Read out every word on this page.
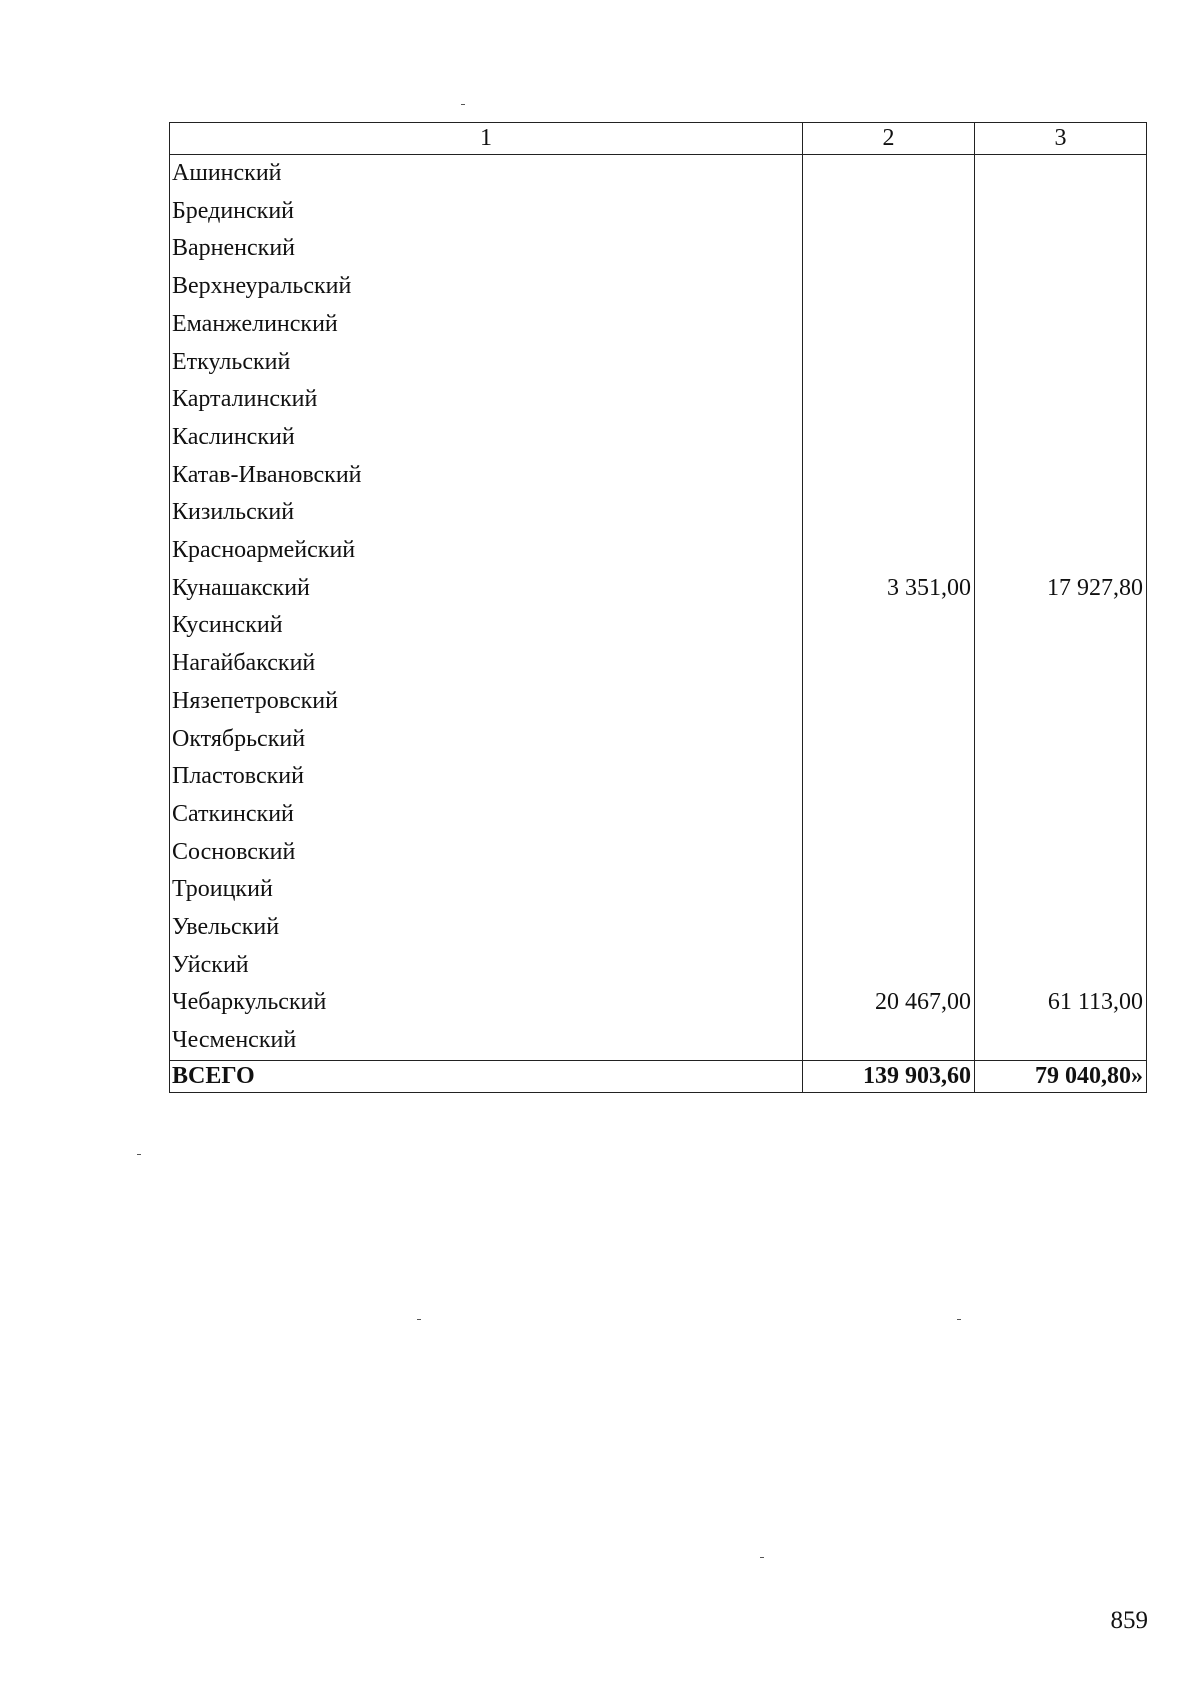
1	2	3
Ашинский		
Брединский		
Варненский		
Верхнеуральский		
Еманжелинский		
Еткульский		
Карталинский		
Каслинский		
Катав-Ивановский		
Кизильский		
Красноармейский		
Кунашакский	3 351,00	17 927,80
Кусинский		
Нагайбакский		
Нязепетровский		
Октябрьский		
Пластовский		
Саткинский		
Сосновский		
Троицкий		
Увельский		
Уйский		
Чебаркульский	20 467,00	61 113,00
Чесменский		
ВСЕГО	139 903,60	79 040,80»
859
